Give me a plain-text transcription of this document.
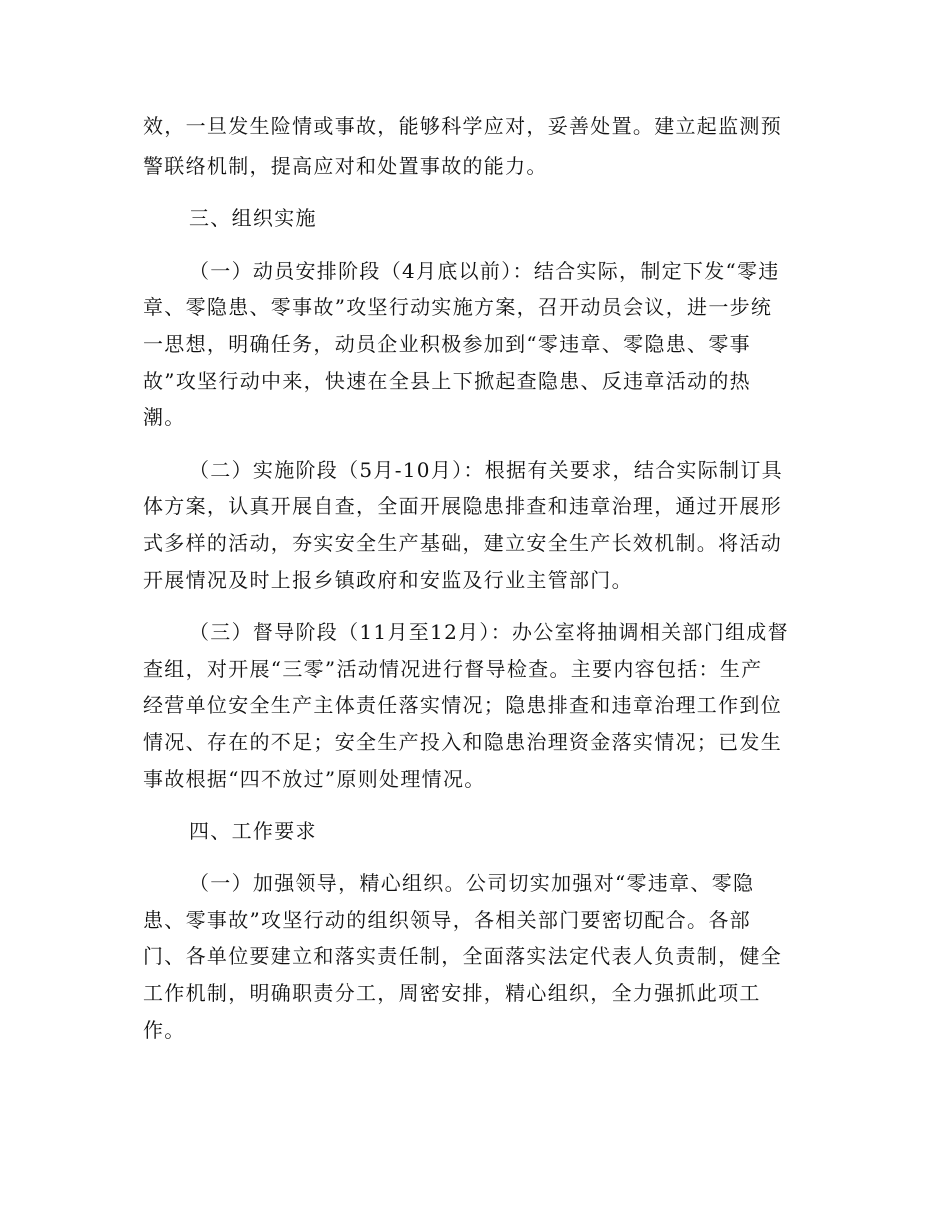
效，一旦发生险情或事故，能够科学应对，妥善处置。建立起监测预
警联络机制，提高应对和处置事故的能力。
三、组织实施
（一）动员安排阶段（4月底以前）：结合实际，制定下发“零违
章、零隐患、零事故”攻坚行动实施方案，召开动员会议，进一步统
一思想，明确任务，动员企业积极参加到“零违章、零隐患、零事
故”攻坚行动中来，快速在全县上下掀起查隐患、反违章活动的热
潮。
（二）实施阶段（5月-10月）：根据有关要求，结合实际制订具
体方案，认真开展自查，全面开展隐患排查和违章治理，通过开展形
式多样的活动，夯实安全生产基础，建立安全生产长效机制。将活动
开展情况及时上报乡镇政府和安监及行业主管部门。
（三）督导阶段（11月至12月）：办公室将抽调相关部门组成督
查组，对开展“三零”活动情况进行督导检查。主要内容包括：生产
经营单位安全生产主体责任落实情况；隐患排查和违章治理工作到位
情况、存在的不足；安全生产投入和隐患治理资金落实情况；已发生
事故根据“四不放过”原则处理情况。
四、工作要求
（一）加强领导，精心组织。公司切实加强对“零违章、零隐
患、零事故”攻坚行动的组织领导，各相关部门要密切配合。各部
门、各单位要建立和落实责任制，全面落实法定代表人负责制，健全
工作机制，明确职责分工，周密安排，精心组织，全力强抓此项工
作。
